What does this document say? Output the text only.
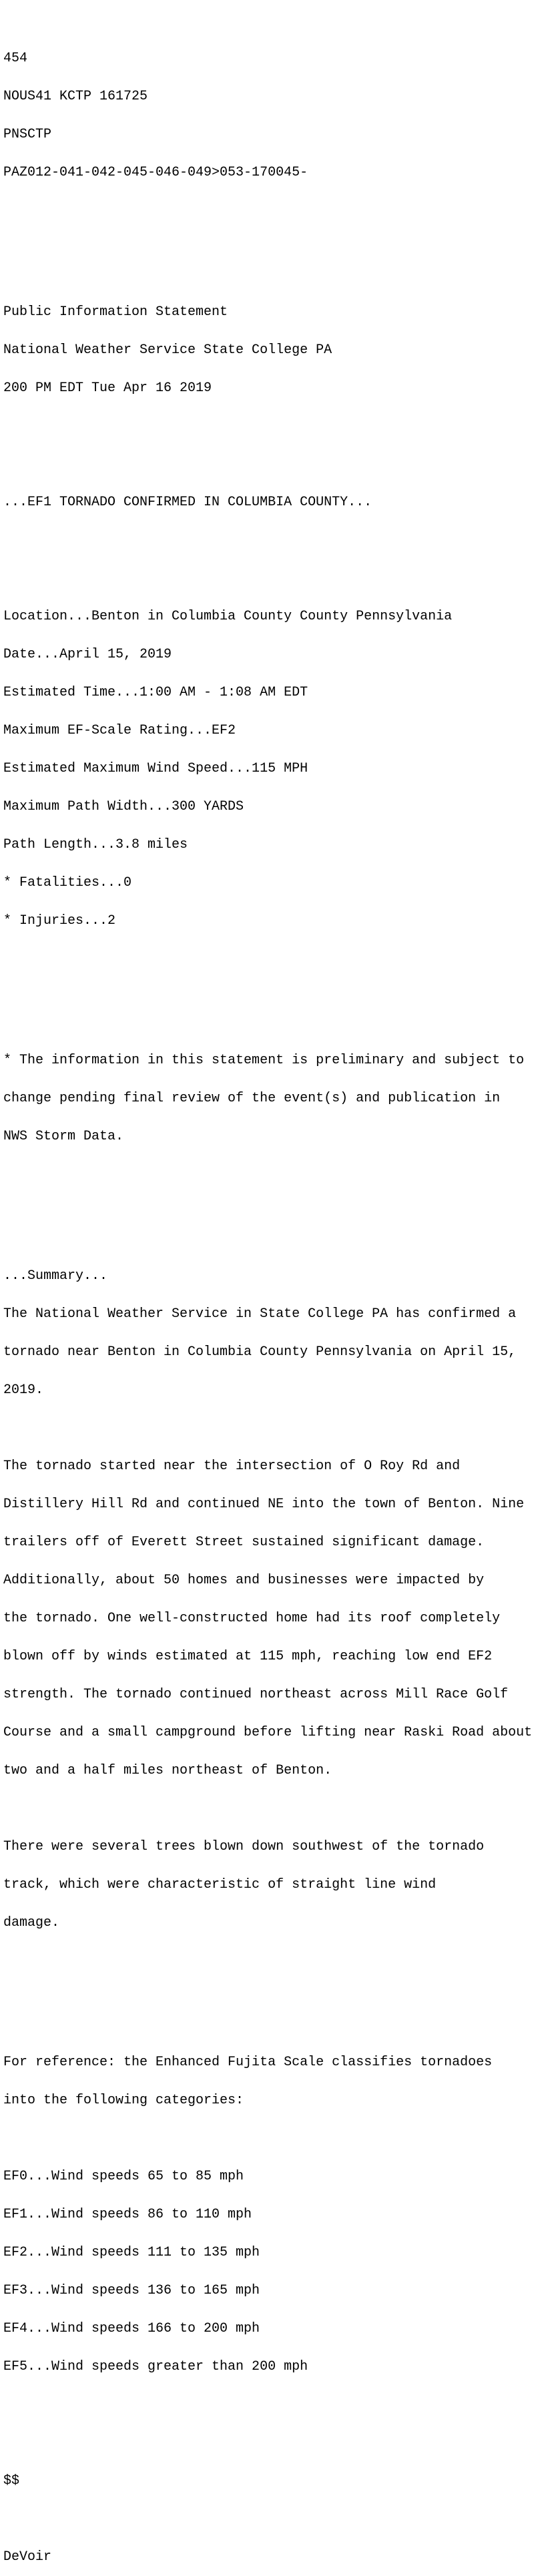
454

NOUS41 KCTP 161725

PNSCTP

PAZ012-041-042-045-046-049>053-170045-

Public Information Statement

National Weather Service State College PA

200 PM EDT Tue Apr 16 2019

...EF1 TORNADO CONFIRMED IN COLUMBIA COUNTY...

Location...Benton in Columbia County County Pennsylvania

Date...April 15, 2019

Estimated Time...1:00 AM - 1:08 AM EDT

Maximum EF-Scale Rating...EF2

Estimated Maximum Wind Speed...115 MPH

Maximum Path Width...300 YARDS

Path Length...3.8 miles

* Fatalities...0

* Injuries...2

* The information in this statement is preliminary and subject to

change pending final review of the event(s) and publication in

NWS Storm Data.

...Summary...

The National Weather Service in State College PA has confirmed a

tornado near Benton in Columbia County Pennsylvania on April 15,

2019.

The tornado started near the intersection of O Roy Rd and

Distillery Hill Rd and continued NE into the town of Benton. Nine

trailers off of Everett Street sustained significant damage.

Additionally, about 50 homes and businesses were impacted by

the tornado. One well-constructed home had its roof completely

blown off by winds estimated at 115 mph, reaching low end EF2

strength. The tornado continued northeast across Mill Race Golf

Course and a small campground before lifting near Raski Road about

two and a half miles northeast of Benton.

There were several trees blown down southwest of the tornado

track, which were characteristic of straight line wind

damage.

For reference: the Enhanced Fujita Scale classifies tornadoes

into the following categories:

EF0...Wind speeds 65 to 85 mph

EF1...Wind speeds 86 to 110 mph

EF2...Wind speeds 111 to 135 mph

EF3...Wind speeds 136 to 165 mph

EF4...Wind speeds 166 to 200 mph

EF5...Wind speeds greater than 200 mph

$$

DeVoir
